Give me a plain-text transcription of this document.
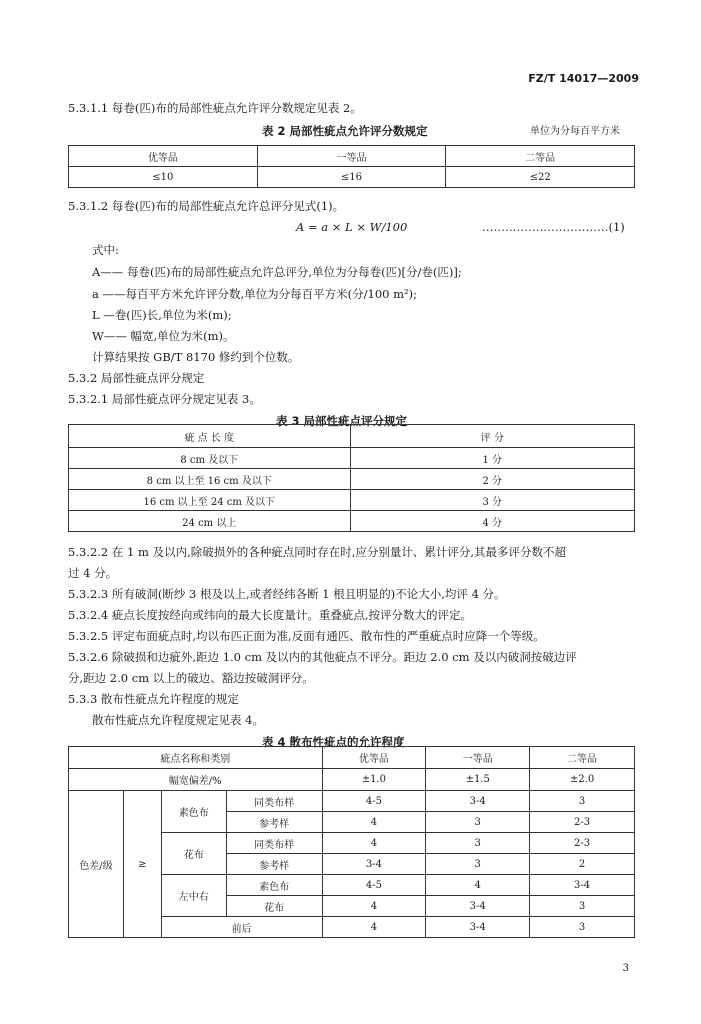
FZ/T 14017—2009
5.3.1.1 每卷(匹)布的局部性疵点允许评分数规定见表 2。
表 2 局部性疵点允许评分数规定	单位为分每百平方米
优等品	一等品	二等品
≤10	≤16	≤22
5.3.1.2 每卷(匹)布的局部性疵点允许总评分见式(1)。
A = a × L × W/100	……………………………(1)
式中:
A—— 每卷(匹)布的局部性疵点允许总评分,单位为分每卷(匹)[分/卷(匹)];
a ——每百平方米允许评分数,单位为分每百平方米(分/100 m²);
L —卷(匹)长,单位为米(m);
W—— 幅宽,单位为米(m)。
计算结果按 GB/T 8170 修约到个位数。
5.3.2 局部性疵点评分规定
5.3.2.1 局部性疵点评分规定见表 3。
表 3 局部性疵点评分规定
疵 点 长 度	评 分
8 cm 及以下	1 分
8 cm 以上至 16 cm 及以下	2 分
16 cm 以上至 24 cm 及以下	3 分
24 cm 以上	4 分
5.3.2.2 在 1 m 及以内,除破损外的各种疵点同时存在时,应分别量计、累计评分,其最多评分数不超
过 4 分。
5.3.2.3 所有破洞(断纱 3 根及以上,或者经纬各断 1 根且明显的)不论大小,均评 4 分。
5.3.2.4 疵点长度按经向或纬向的最大长度量计。重叠疵点,按评分数大的评定。
5.3.2.5 评定布面疵点时,均以布匹正面为准,反面有通匹、散布性的严重疵点时应降一个等级。
5.3.2.6 除破损和边疵外,距边 1.0 cm 及以内的其他疵点不评分。距边 2.0 cm 及以内破洞按破边评
分,距边 2.0 cm 以上的破边、豁边按破洞评分。
5.3.3 散布性疵点允许程度的规定
散布性疵点允许程度规定见表 4。
表 4 散布性疵点的允许程度
疵点名称和类别				优等品	一等品	二等品
幅宽偏差/%				±1.0	±1.5	±2.0
色差/级	≥	素色布	同类布样	4-5	3-4	3
			参考样	4	3	2-3
		花布	同类布样	4	3	2-3
			参考样	3-4	3	2
		左中右	素色布	4-5	4	3-4
			花布	4	3-4	3
		前后		4	3-4	3
3
